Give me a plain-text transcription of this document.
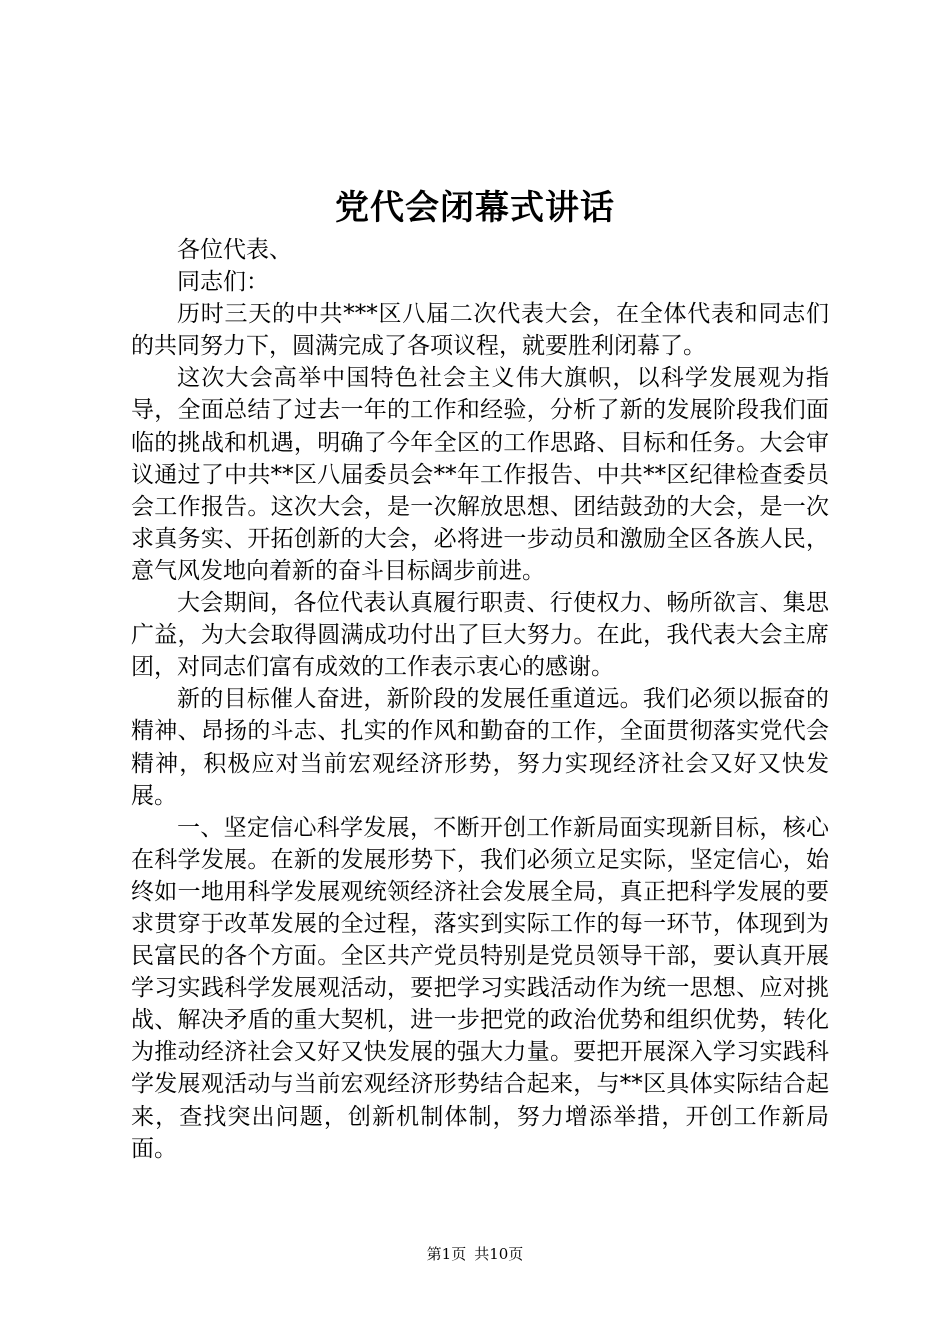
党代会闭幕式讲话

各位代表、

同志们：

历时三天的中共***区八届二次代表大会，在全体代表和同志们的共同努力下，圆满完成了各项议程，就要胜利闭幕了。

这次大会高举中国特色社会主义伟大旗帜，以科学发展观为指导，全面总结了过去一年的工作和经验，分析了新的发展阶段我们面临的挑战和机遇，明确了今年全区的工作思路、目标和任务。大会审议通过了中共**区八届委员会**年工作报告、中共**区纪律检查委员会工作报告。这次大会，是一次解放思想、团结鼓劲的大会，是一次求真务实、开拓创新的大会，必将进一步动员和激励全区各族人民，意气风发地向着新的奋斗目标阔步前进。

大会期间，各位代表认真履行职责、行使权力、畅所欲言、集思广益，为大会取得圆满成功付出了巨大努力。在此，我代表大会主席团，对同志们富有成效的工作表示衷心的感谢。

新的目标催人奋进，新阶段的发展任重道远。我们必须以振奋的精神、昂扬的斗志、扎实的作风和勤奋的工作，全面贯彻落实党代会精神，积极应对当前宏观经济形势，努力实现经济社会又好又快发展。

一、坚定信心科学发展，不断开创工作新局面实现新目标，核心在科学发展。在新的发展形势下，我们必须立足实际，坚定信心，始终如一地用科学发展观统领经济社会发展全局，真正把科学发展的要求贯穿于改革发展的全过程，落实到实际工作的每一环节，体现到为民富民的各个方面。全区共产党员特别是党员领导干部，要认真开展学习实践科学发展观活动，要把学习实践活动作为统一思想、应对挑战、解决矛盾的重大契机，进一步把党的政治优势和组织优势，转化为推动经济社会又好又快发展的强大力量。要把开展深入学习实践科学发展观活动与当前宏观经济形势结合起来，与**区具体实际结合起来，查找突出问题，创新机制体制，努力增添举措，开创工作新局面。

第1页 共10页
